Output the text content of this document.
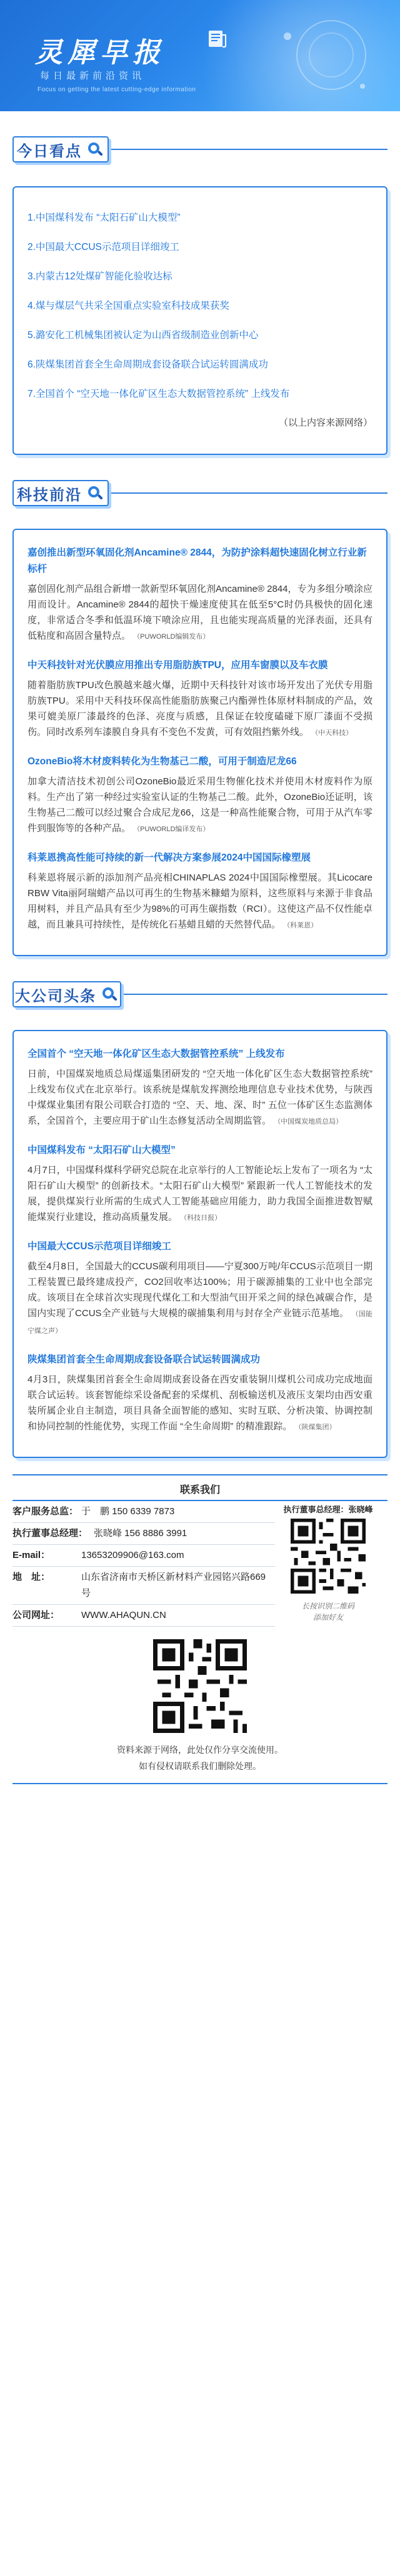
灵犀早报
每日最新前沿资讯
Focus on getting the latest cutting-edge information
今日看点
1.中国煤科发布 “太阳石矿山大模型”
2.中国最大CCUS示范项目详细竣工
3.内蒙古12处煤矿智能化验收达标
4.煤与煤层气共采全国重点实验室科技成果获奖
5.潞安化工机械集团被认定为山西省级制造业创新中心
6.陕煤集团首套全生命周期成套设备联合试运转圆满成功
7.全国首个 “空天地一体化矿区生态大数据管控系统” 上线发布
（以上内容来源网络）
科技前沿
嘉创推出新型环氧固化剂Ancamine® 2844，为防护涂料超快速固化树立行业新标杆
嘉创固化剂产品组合新增一款新型环氧固化剂Ancamine® 2844，专为多组分喷涂应用而设计。Ancamine® 2844的超快干燥速度使其在低至5°C时仍具极快的固化速度，非常适合冬季和低温环境下喷涂应用，且也能实现高质量的光泽表面，还具有低粘度和高固含量特点。 （PUWORLD编辑发布）
中天科技针对光伏膜应用推出专用脂肪族TPU，应用车窗膜以及车衣膜
随着脂肪族TPU改色膜越来越火爆，近期中天科技针对该市场开发出了光伏专用脂肪族TPU。采用中天科技环保高性能脂肪族聚己内酯弹性体原材料制成的产品，效果可媲美原厂漆最终的色泽、亮度与质感，且保证在较度磕碰下原厂漆面不受损伤。同时改系列车漆膜自身具有不变色不发黄，可有效阻挡紫外线。 （中天科技）
OzoneBio将木材废料转化为生物基己二酸，可用于制造尼龙66
加拿大清洁技术初创公司OzoneBio最近采用生物催化技术并使用木材废料作为原料。生产出了第一种经过实验室认证的生物基己二酸。此外，OzoneBio还证明，该生物基己二酸可以经过聚合合成尼龙66，这是一种高性能聚合物，可用于从汽车零件到服饰等的各种产品。 （PUWORLD编译发布）
科莱恩携高性能可持续的新一代解决方案参展2024中国国际橡塑展
科莱恩将展示新的添加剂产品亮相CHINAPLAS 2024中国国际橡塑展。其Licocare RBW Vita丽阿瑞蜡产品以可再生的生物基米糠蜡为原料，这些原料与来源于非食品用树料，并且产品具有至少为98%的可再生碳指数（RCI）。这使这产品不仅性能卓越，而且兼具可持续性，是传统化石基蜡且蜡的天然替代品。 （科莱恩）
大公司头条
全国首个 “空天地一体化矿区生态大数据管控系统” 上线发布
日前，中国煤炭地质总局煤遥集团研发的 “空天地一体化矿区生态大数据管控系统” 上线发布仪式在北京举行。该系统是煤航发挥测绘地理信息专业技术优势，与陕西中煤煤业集团有限公司联合打造的 “空、天、地、深、时” 五位一体矿区生态监测体系，全国首个，主要应用于矿山生态修复活动全周期监管。 （中国煤炭地质总局）
中国煤科发布 “太阳石矿山大模型”
4月7日，中国煤科煤科学研究总院在北京举行的人工智能论坛上发布了一项名为 “太阳石矿山大模型” 的创新技术。“太阳石矿山大模型” 紧跟新一代人工智能技术的发展，提供煤炭行业所需的生成式人工智能基础应用能力，助力我国全面推进数智赋能煤炭行业建设，推动高质量发展。 （科技日报）
中国最大CCUS示范项目详细竣工
截至4月8日，全国最大的CCUS碳利用项目——宁夏300万吨/年CCUS示范项目一期工程装置已最终建成投产，CO2回收率达100%；用于碳源捕集的工业中也全部完成。该项目在全球首次实现现代煤化工和大型油气田开采之间的绿色减碳合作，是国内实现了CCUS全产业链与大规模的碳捕集利用与封存全产业链示范基地。 （国能宁煤之声）
陕煤集团首套全生命周期成套设备联合试运转圆满成功
4月3日，陕煤集团首套全生命周期成套设备在西安重装铜川煤机公司成功完成地面联合试运转。该套智能综采设备配套的采煤机、刮板输送机及液压支架均由西安重装所属企业自主制造，项目具备全面智能的感知、实时互联、分析决策、协调控制和协同控制的性能优势，实现工作面 “全生命周期” 的精准跟踪。 （陕煤集团）
联系我们
客户服务总监： 于　鹏 150 6339 7873
执行董事总经理： 张晓峰 156 8886 3991
E-mail：	13653209906@163.com
地　址：	山东省济南市天桥区新材料产业园铭兴路669号
公司网址：	WWW.AHAQUN.CN
执行董事总经理：张晓峰
长按识别二维码
添加好友
资料来源于网络，此处仅作分享交流使用。
如有侵权请联系我们删除处理。
